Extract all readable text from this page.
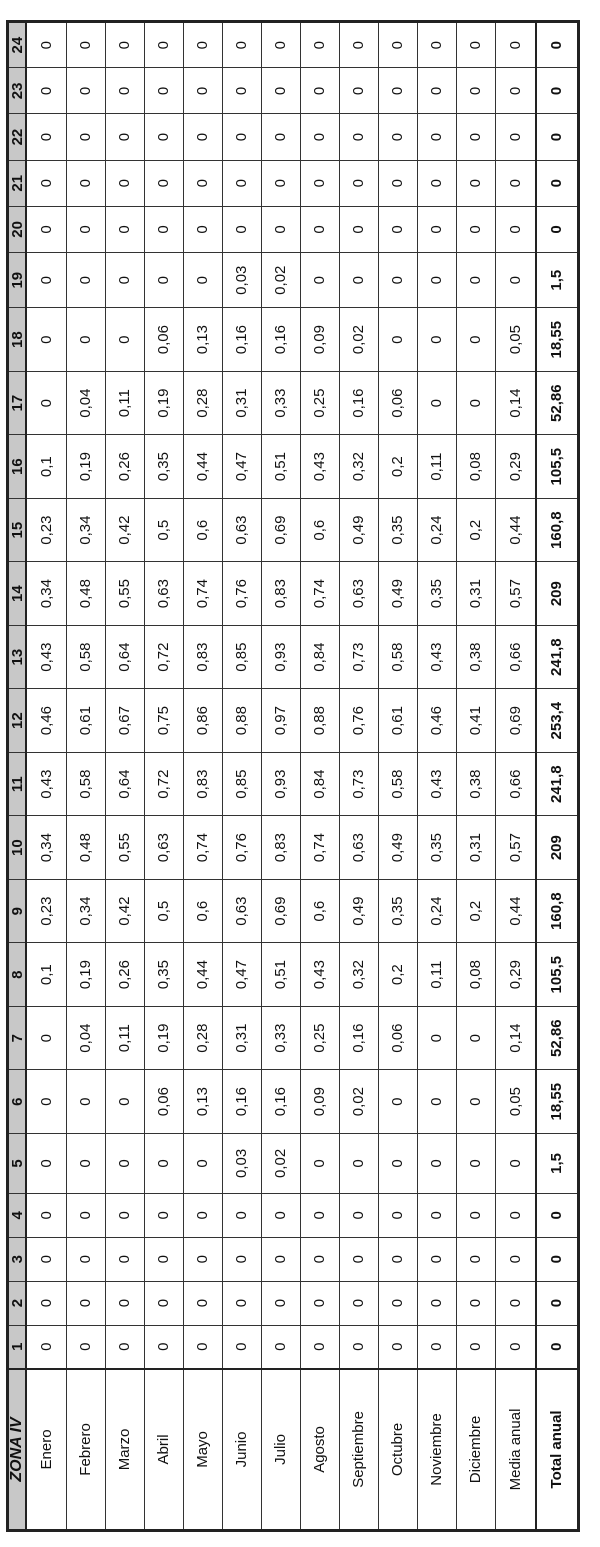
ZONA IV	1	2	3	4	5	6	7	8	9	10	11	12	13	14	15	16	17	18	19	20	21	22	23	24
Enero	0	0	0	0	0	0	0	0,1	0,23	0,34	0,43	0,46	0,43	0,34	0,23	0,1	0	0	0	0	0	0	0	0
Febrero	0	0	0	0	0	0	0,04	0,19	0,34	0,48	0,58	0,61	0,58	0,48	0,34	0,19	0,04	0	0	0	0	0	0	0
Marzo	0	0	0	0	0	0	0,11	0,26	0,42	0,55	0,64	0,67	0,64	0,55	0,42	0,26	0,11	0	0	0	0	0	0	0
Abril	0	0	0	0	0	0,06	0,19	0,35	0,5	0,63	0,72	0,75	0,72	0,63	0,5	0,35	0,19	0,06	0	0	0	0	0	0
Mayo	0	0	0	0	0	0,13	0,28	0,44	0,6	0,74	0,83	0,86	0,83	0,74	0,6	0,44	0,28	0,13	0	0	0	0	0	0
Junio	0	0	0	0	0,03	0,16	0,31	0,47	0,63	0,76	0,85	0,88	0,85	0,76	0,63	0,47	0,31	0,16	0,03	0	0	0	0	0
Julio	0	0	0	0	0,02	0,16	0,33	0,51	0,69	0,83	0,93	0,97	0,93	0,83	0,69	0,51	0,33	0,16	0,02	0	0	0	0	0
Agosto	0	0	0	0	0	0,09	0,25	0,43	0,6	0,74	0,84	0,88	0,84	0,74	0,6	0,43	0,25	0,09	0	0	0	0	0	0
Septiembre	0	0	0	0	0	0,02	0,16	0,32	0,49	0,63	0,73	0,76	0,73	0,63	0,49	0,32	0,16	0,02	0	0	0	0	0	0
Octubre	0	0	0	0	0	0	0,06	0,2	0,35	0,49	0,58	0,61	0,58	0,49	0,35	0,2	0,06	0	0	0	0	0	0	0
Noviembre	0	0	0	0	0	0	0	0,11	0,24	0,35	0,43	0,46	0,43	0,35	0,24	0,11	0	0	0	0	0	0	0	0
Diciembre	0	0	0	0	0	0	0	0,08	0,2	0,31	0,38	0,41	0,38	0,31	0,2	0,08	0	0	0	0	0	0	0	0
Media anual	0	0	0	0	0	0,05	0,14	0,29	0,44	0,57	0,66	0,69	0,66	0,57	0,44	0,29	0,14	0,05	0	0	0	0	0	0
Total anual	0	0	0	0	1,5	18,55	52,86	105,5	160,8	209	241,8	253,4	241,8	209	160,8	105,5	52,86	18,55	1,5	0	0	0	0	0
